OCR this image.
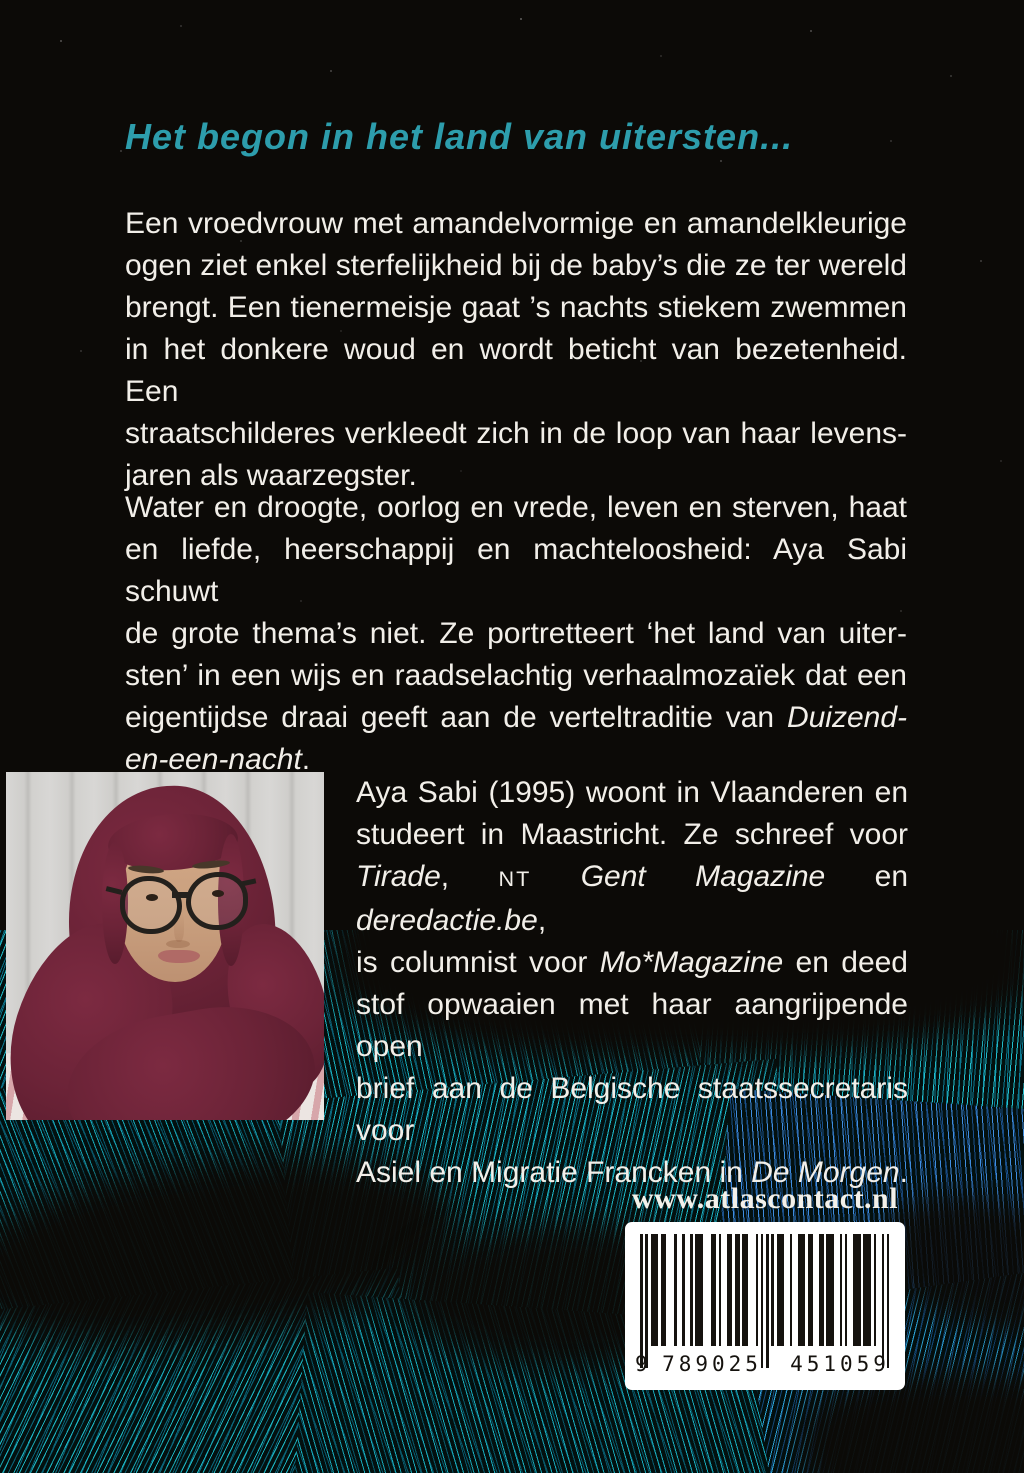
Het begon in het land van uitersten...
Een vroedvrouw met amandelvormige en amandelkleurige
ogen ziet enkel sterfelijkheid bij de baby’s die ze ter wereld
brengt. Een tienermeisje gaat ’s nachts stiekem zwemmen
in het donkere woud en wordt beticht van bezetenheid. Een
straatschilderes verkleedt zich in de loop van haar levens-
jaren als waarzegster.
Water en droogte, oorlog en vrede, leven en sterven, haat
en liefde, heerschappij en machteloosheid: Aya Sabi schuwt
de grote thema’s niet. Ze portretteert ‘het land van uiter-
sten’ in een wijs en raadselachtig verhaalmozaïek dat een
eigentijdse draai geeft aan de verteltraditie van Duizend-
en-een-nacht.
Aya Sabi (1995) woont in Vlaanderen en
studeert in Maastricht. Ze schreef voor
Tirade, NT Gent Magazine en deredactie.be,
is columnist voor Mo*Magazine en deed
stof opwaaien met haar aangrijpende open
brief aan de Belgische staatssecretaris voor
Asiel en Migratie Francken in De Morgen.
www.atlascontact.nl
9 789025	451059
